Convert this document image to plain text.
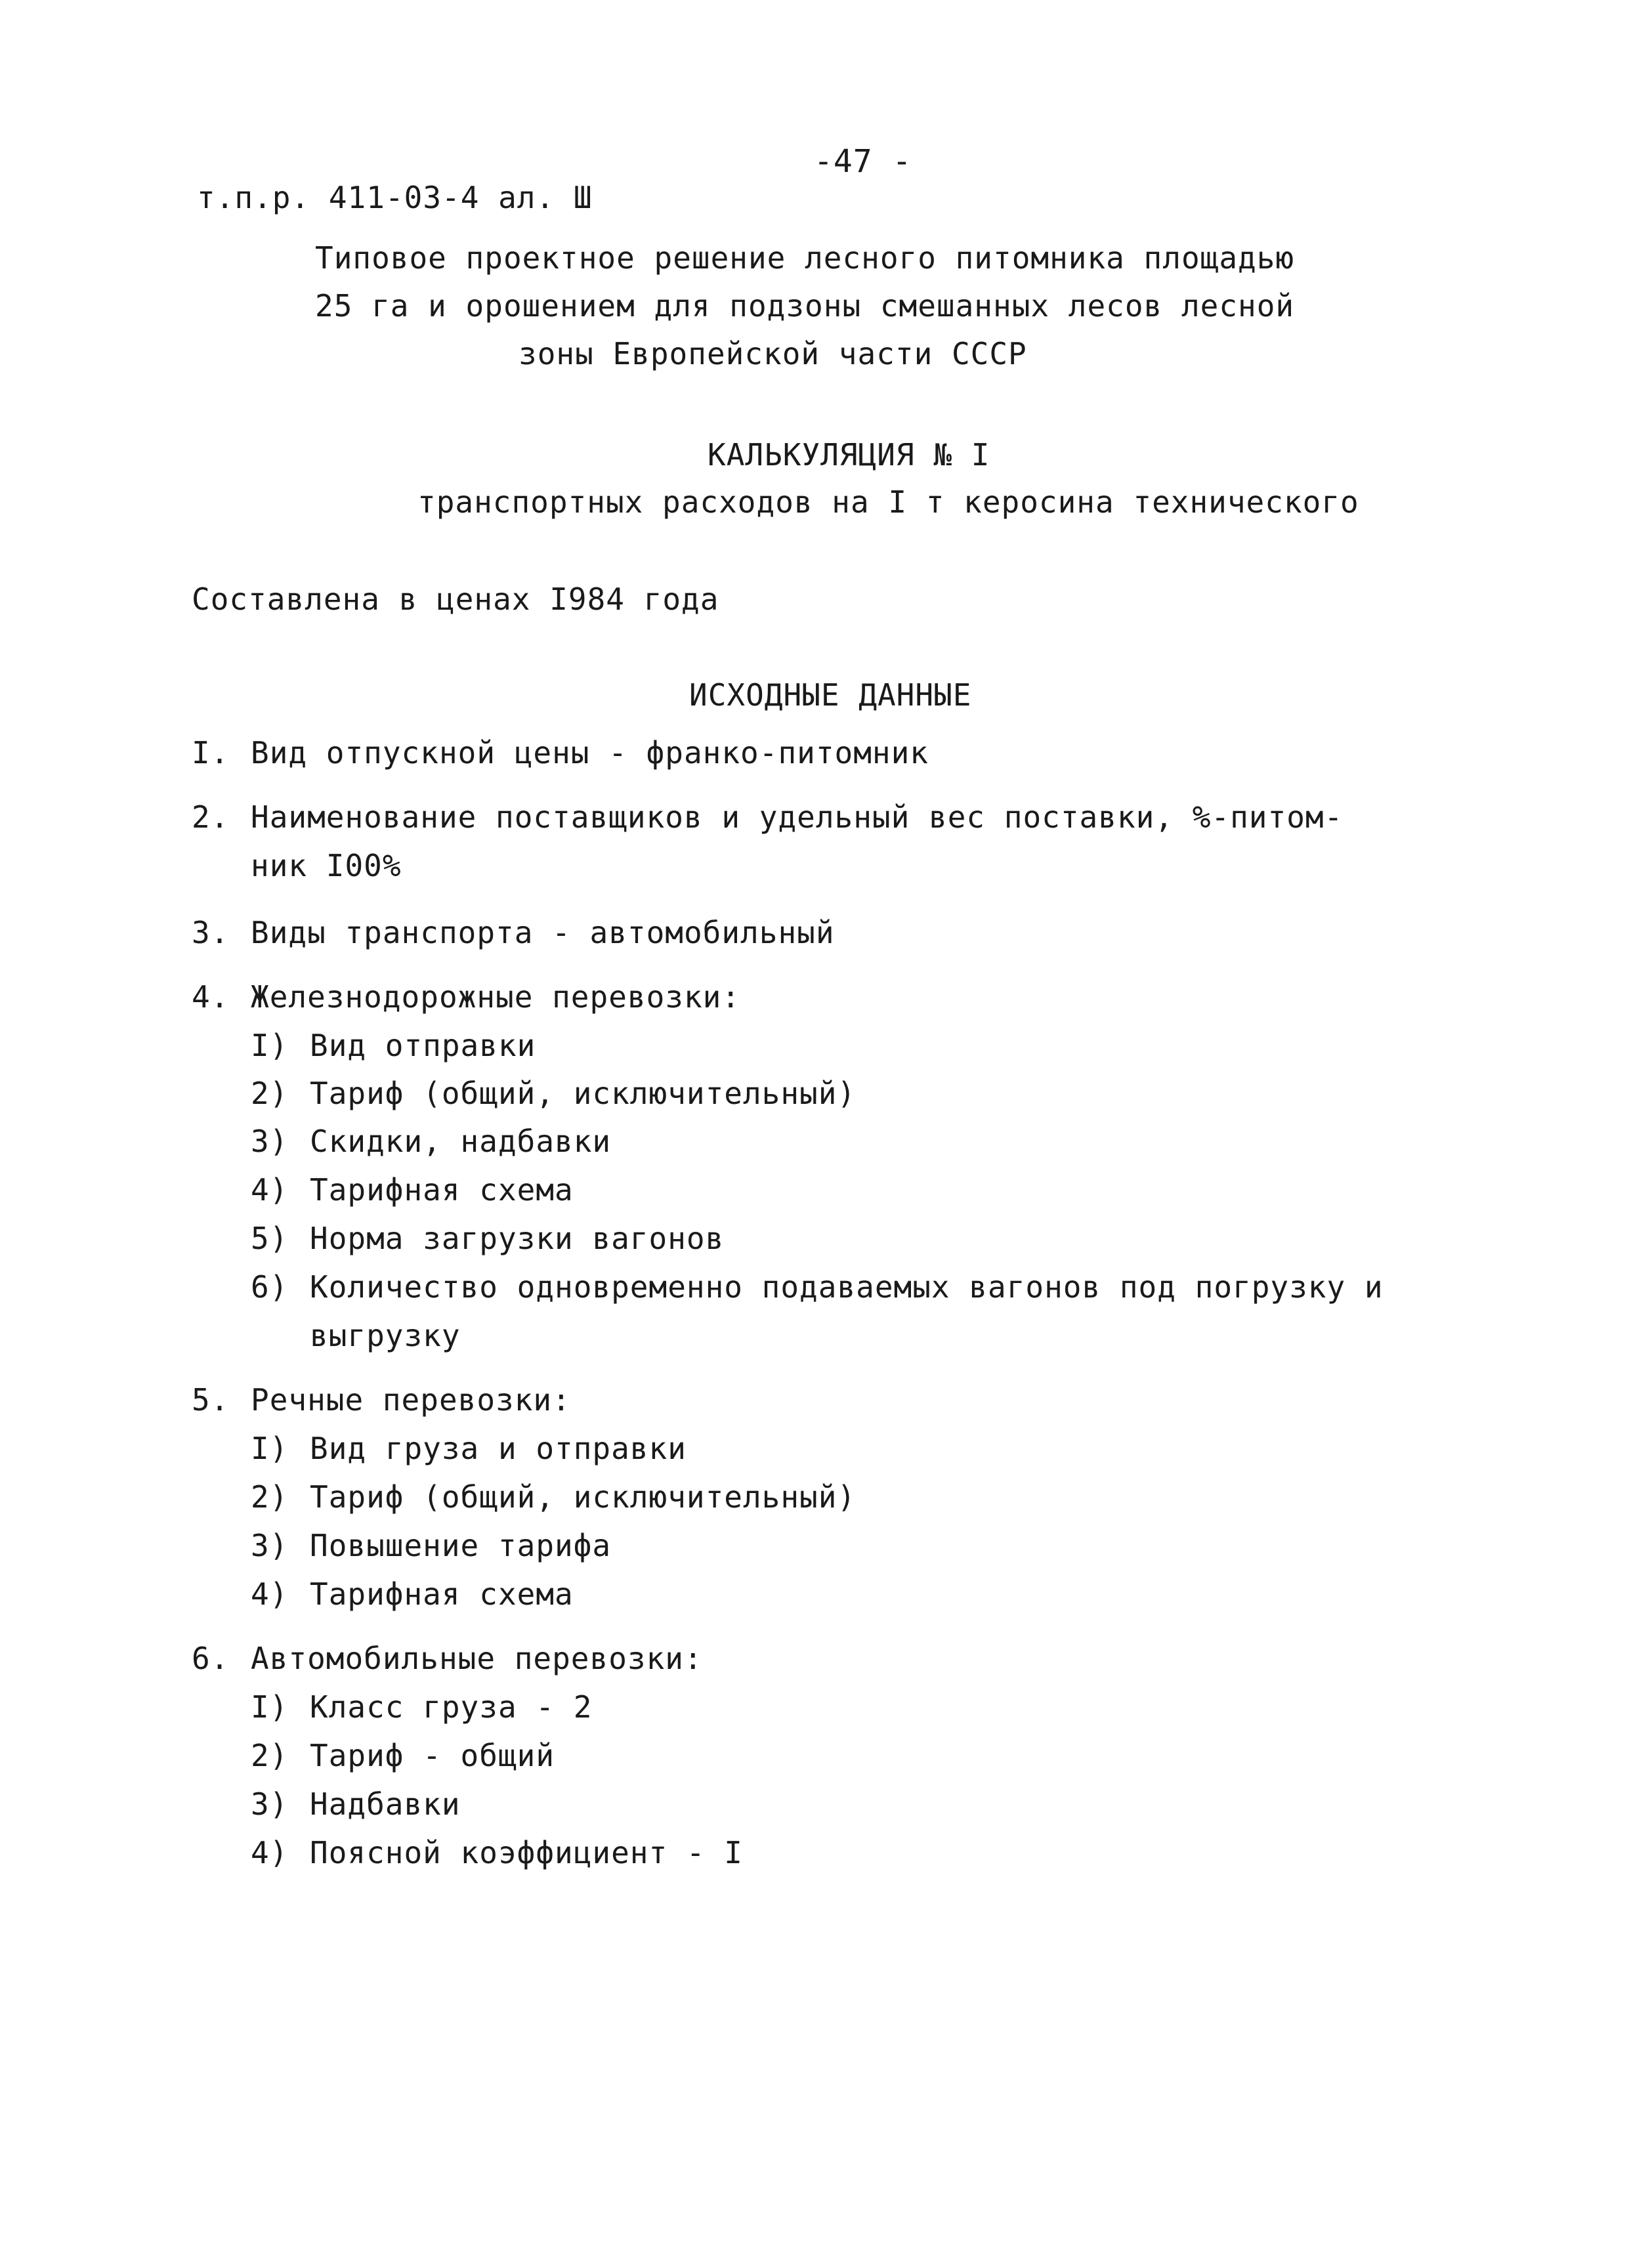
-47 -
т.п.р. 411-03-4 ал. Ш
Типовое проектное решение лесного питомника площадью
25 га и орошением для подзоны смешанных лесов лесной
зоны Европейской части СССР
КАЛЬКУЛЯЦИЯ № I
транспортных расходов на I т керосина технического
Составлена в ценах I984 года
ИСХОДНЫЕ ДАННЫЕ
I. Вид отпускной цены - франко-питомник
2. Наименование поставщиков и удельный вес поставки, %-питом-
ник I00%
3. Виды транспорта - автомобильный
4. Железнодорожные перевозки:
I) Вид отправки
2) Тариф (общий, исключительный)
3) Скидки, надбавки
4) Тарифная схема
5) Норма загрузки вагонов
6) Количество одновременно подаваемых вагонов под погрузку и
выгрузку
5. Речные перевозки:
I) Вид груза и отправки
2) Тариф (общий, исключительный)
3) Повышение тарифа
4) Тарифная схема
6. Автомобильные перевозки:
I) Класс груза - 2
2) Тариф - общий
3) Надбавки
4) Поясной коэффициент - I
